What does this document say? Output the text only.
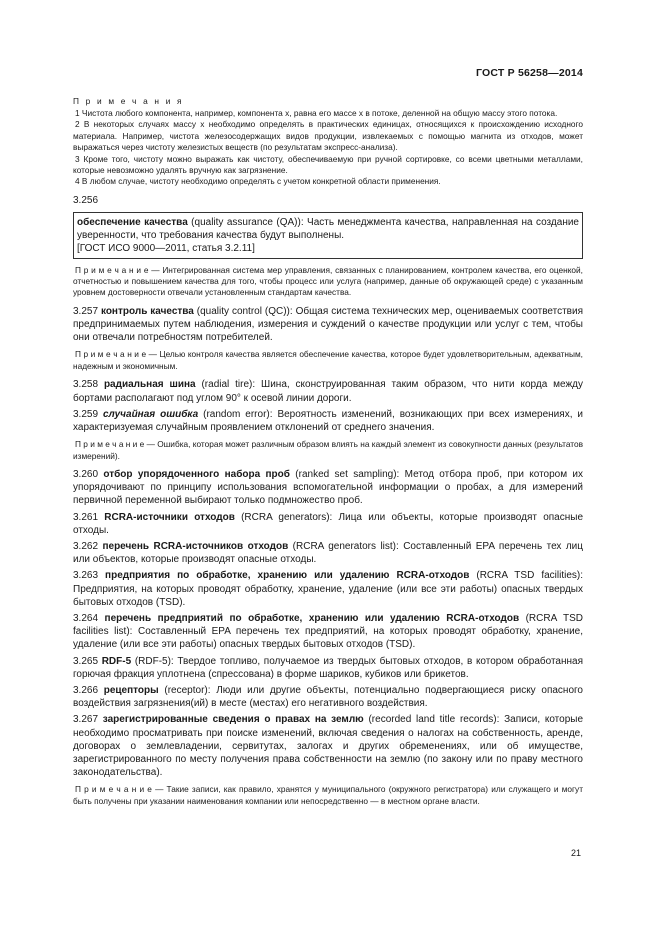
ГОСТ Р 56258—2014
П р и м е ч а н и я

1 Чистота любого компонента, например, компонента x, равна его массе x в потоке, деленной на общую массу этого потока.

2 В некоторых случаях массу x необходимо определять в практических единицах, относящихся к происхождению исходного материала. Например, чистота железосодержащих видов продукции, извлекаемых с помощью магнита из отходов, может выражаться через чистоту железистых веществ (по результатам экспресс-анализа).

3 Кроме того, чистоту можно выражать как чистоту, обеспечиваемую при ручной сортировке, со всеми цветными металлами, которые невозможно удалять вручную как загрязнение.

4 В любом случае, чистоту необходимо определять с учетом конкретной области применения.

3.256

обеспечение качества (quality assurance (QA)): Часть менеджмента качества, направленная на создание уверенности, что требования качества будут выполнены.

[ГОСТ ИСО 9000—2011, статья 3.2.11]

П р и м е ч а н и е — Интегрированная система мер управления, связанных с планированием, контролем качества, его оценкой, отчетностью и повышением качества для того, чтобы процесс или услуга (например, данные об окружающей среде) с указанным уровнем достоверности отвечали установленным стандартам качества.

3.257 контроль качества (quality control (QC)): Общая система технических мер, оцениваемых соответствия предпринимаемых путем наблюдения, измерения и суждений о качестве продукции или услуг с тем, чтобы они отвечали потребностям потребителей.

П р и м е ч а н и е — Целью контроля качества является обеспечение качества, которое будет удовлетворительным, адекватным, надежным и экономичным.

3.258 радиальная шина (radial tire): Шина, сконструированная таким образом, что нити корда между бортами располагают под углом 90° к осевой линии дороги.

3.259 случайная ошибка (random error): Вероятность изменений, возникающих при всех измерениях, и характеризуемая случайным проявлением отклонений от среднего значения.

П р и м е ч а н и е — Ошибка, которая может различным образом влиять на каждый элемент из совокупности данных (результатов измерений).

3.260 отбор упорядоченного набора проб (ranked set sampling): Метод отбора проб, при котором их упорядочивают по принципу использования вспомогательной информации о пробах, а для измерений первичной переменной выбирают только подмножество проб.

3.261 RCRA-источники отходов (RCRA generators): Лица или объекты, которые производят опасные отходы.

3.262 перечень RCRA-источников отходов (RCRA generators list): Составленный EPA перечень тех лиц или объектов, которые производят опасные отходы.

3.263 предприятия по обработке, хранению или удалению RCRA-отходов (RCRA TSD facilities): Предприятия, на которых проводят обработку, хранение, удаление (или все эти работы) опасных твердых бытовых отходов (TSD).

3.264 перечень предприятий по обработке, хранению или удалению RCRA-отходов (RCRA TSD facilities list): Составленный EPA перечень тех предприятий, на которых проводят обработку, хранение, удаление (или все эти работы) опасных твердых бытовых отходов (TSD).

3.265 RDF-5 (RDF-5): Твердое топливо, получаемое из твердых бытовых отходов, в котором обработанная горючая фракция уплотнена (спрессована) в форме шариков, кубиков или брикетов.

3.266 рецепторы (receptor): Люди или другие объекты, потенциально подвергающиеся риску опасного воздействия загрязнения(ий) в месте (местах) его негативного воздействия.

3.267 зарегистрированные сведения о правах на землю (recorded land title records): Записи, которые необходимо просматривать при поиске изменений, включая сведения о налогах на собственность, аренде, договорах о землевладении, сервитутах, залогах и других обременениях, или об имуществе, зарегистрированного по месту получения права собственности на землю (по закону или по праву местного законодательства).

П р и м е ч а н и е — Такие записи, как правило, хранятся у муниципального (окружного регистратора) или служащего и могут быть получены при указании наименования компании или непосредственно — в местном органе власти.

21
